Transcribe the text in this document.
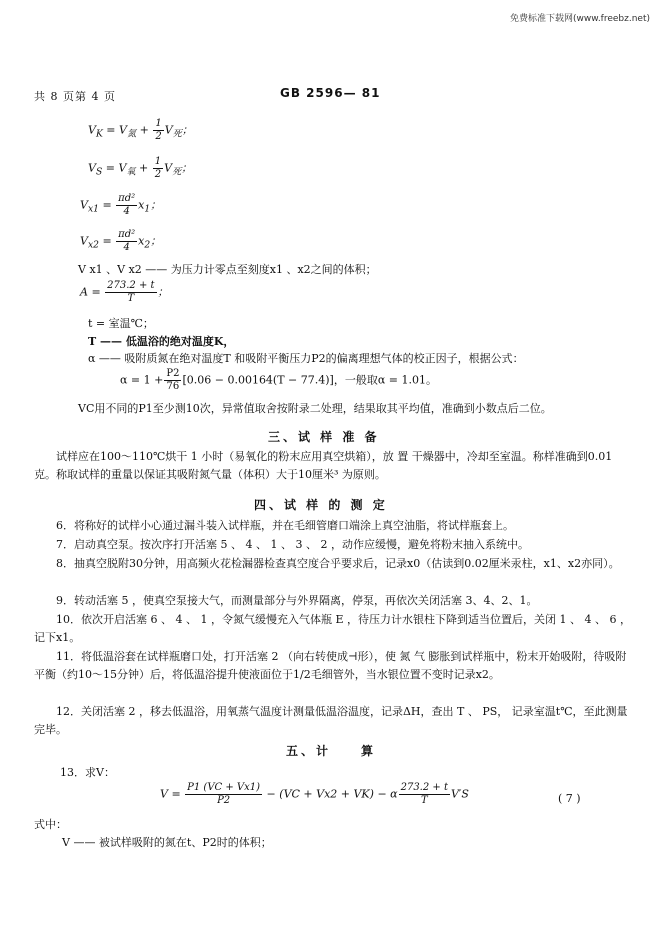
免费标准下载网(www.freebz.net)
共 8 页第 4 页	GB 2596— 81
$V_K = V_氮 + \frac{1}{2} V_死$；
$V_S = V_氧 + \frac{1}{2} V_死$；
$V_{x1} = \frac{\text{πd²}}{4} x_1$；
$V_{x2} = \frac{\text{πd²}}{4} x_2$；
V x1 、V x2 —— 为压力计零点至刻度x1 、x2之间的体积；
$A = \frac{273.2 + t}{T}$ ；
t = 室温℃；
T —— 低温浴的绝对温度K，
α —— 吸附质氮在绝对温度T 和吸附平衡压力P2的偏离理想气体的校正因子，根据公式：
$\alpha = 1 + \frac{P2}{76} [0.06 - 0.00164(T - 77.4)]$，一般取α = 1.01。
VC用不同的P1至少测10次，异常值取舍按附录二处理，结果取其平均值，准确到小数点后二位。
三、试 样 准 备
试样应在100～110℃烘干 1 小时（易氧化的粉末应用真空烘箱），放 置 干燥器中，冷却至室温。称样准确到0.01克。称取试样的重量以保证其吸附氮气量（体积）大于10厘米³ 为原则。
四、试 样 的 测 定
6．将称好的试样小心通过漏斗装入试样瓶，并在毛细管磨口端涂上真空油脂，将试样瓶套上。
7．启动真空泵。按次序打开活塞 5 、 4 、 1 、 3 、 2 ，动作应缓慢，避免将粉末抽入系统中。
8．抽真空脱附30分钟，用高频火花检漏器检查真空度合乎要求后，记录x0（估读到0.02厘米汞柱，x1、x2亦同）。
9．转动活塞 5 ，使真空泵接大气，而测量部分与外界隔离，停泵，再依次关闭活塞 3、4、2、1。
10．依次开启活塞 6 、 4 、 1 ，令氮气缓慢充入气体瓶 E ，待压力计水银柱下降到适当位置后，关闭 1 、 4 、 6 ，记下x1。
11．将低温浴套在试样瓶磨口处，打开活塞 2 （向右转使成⊣形），使 氮 气 膨胀到试样瓶中，粉末开始吸附，待吸附平衡（约10～15分钟）后，将低温浴提升使液面位于1/2毛细管外，当水银位置不变时记录x2。
12．关闭活塞 2 ，移去低温浴，用氧蒸气温度计测量低温浴温度，记录ΔH，查出 T 、 PS， 记录室温t℃，至此测量完毕。
五、计　　算
13．求V：
$V = \frac{P1 (VC + Vx1)}{P2} - (VC + Vx2 + VK) - \alpha \frac{273.2 + t}{T} V'S$	( 7 )
式中：
V —— 被试样吸附的氮在t、P2时的体积；
